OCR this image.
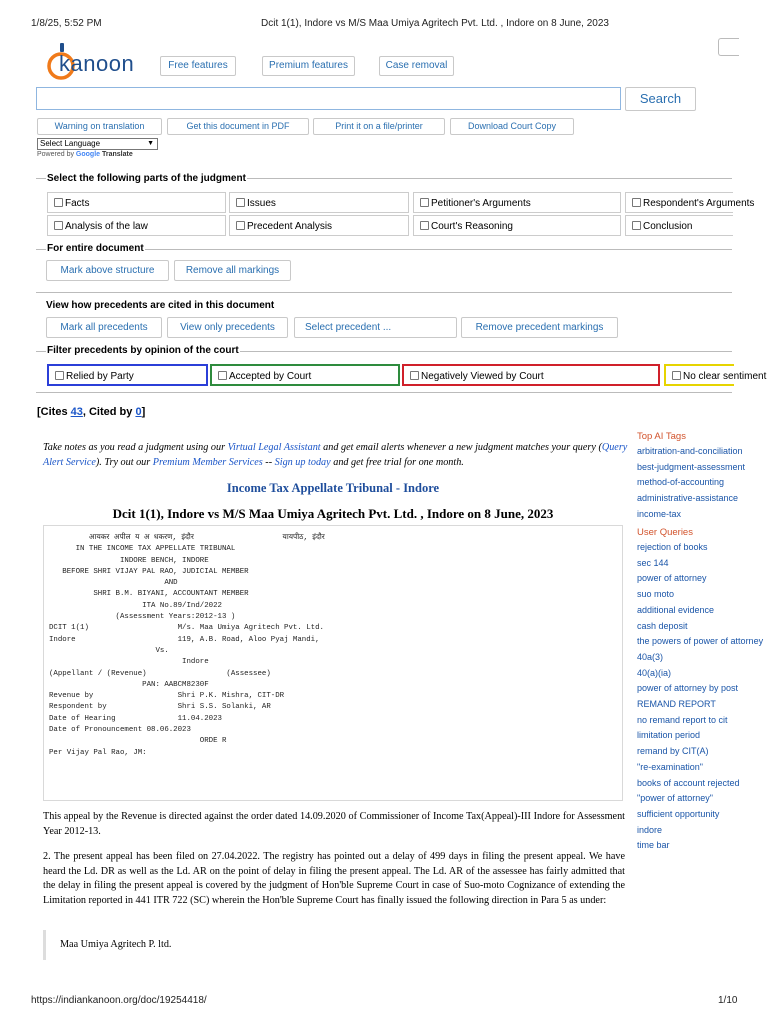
1/8/25, 5:52 PM	Dcit 1(1), Indore vs M/S Maa Umiya Agritech Pvt. Ltd. , Indore on 8 June, 2023
kanoon	Free features	Premium features	Case removal
Search
Warning on translation	Get this document in PDF	Print it on a file/printer	Download Court Copy
Select Language	▼
Powered by Google Translate
Select the following parts of the judgment
Facts	Issues	Petitioner's Arguments	Respondent's Arguments
Analysis of the law	Precedent Analysis	Court's Reasoning	Conclusion
For entire document
Mark above structure	Remove all markings
View how precedents are cited in this document
Mark all precedents	View only precedents	Select precedent ...	Remove precedent markings
Filter precedents by opinion of the court
Relied by Party	Accepted by Court	Negatively Viewed by Court	No clear sentiment
[Cites 43, Cited by 0]
Take notes as you read a judgment using our Virtual Legal Assistant and get email alerts whenever a new judgment matches your query (Query Alert Service). Try out our Premium Member Services -- Sign up today and get free trial for one month.
Income Tax Appellate Tribunal - Indore
Dcit 1(1), Indore vs M/S Maa Umiya Agritech Pvt. Ltd. , Indore on 8 June, 2023
आयकर अपील य अ धकरण, इंदौर                    यायपीठ, इंदौर
IN THE INCOME TAX APPELLATE TRIBUNAL
INDORE BENCH, INDORE
BEFORE SHRI VIJAY PAL RAO, JUDICIAL MEMBER
AND
SHRI B.M. BIYANI, ACCOUNTANT MEMBER
ITA No.89/Ind/2022
(Assessment Years:2012-13 )
DCIT 1(1)                    M/s. Maa Umiya Agritech Pvt. Ltd.
Indore                       119, A.B. Road, Aloo Pyaj Mandi,
Vs.
Indore
(Appellant / (Revenue)                  (Assessee)
PAN: AABCM8230F
Revenue by                   Shri P.K. Mishra, CIT-DR
Respondent by                Shri S.S. Solanki, AR
Date of Hearing              11.04.2023
Date of Pronouncement 08.06.2023
ORDE R
Per Vijay Pal Rao, JM:
This appeal by the Revenue is directed against the order dated 14.09.2020 of Commissioner of Income Tax(Appeal)-III Indore for Assessment Year 2012-13.
2. The present appeal has been filed on 27.04.2022. The registry has pointed out a delay of 499 days in filing the present appeal. We have heard the Ld. DR as well as the Ld. AR on the point of delay in filing the present appeal. The Ld. AR of the assessee has fairly admitted that the delay in filing the present appeal is covered by the judgment of Hon'ble Supreme Court in case of Suo-moto Cognizance of extending the Limitation reported in 441 ITR 722 (SC) wherein the Hon'ble Supreme Court has finally issued the following direction in Para 5 as under:
Maa Umiya Agritech P. ltd.
Top AI Tags
arbitration-and-conciliation
best-judgment-assessment
method-of-accounting
administrative-assistance
income-tax
User Queries
rejection of books
sec 144
power of attorney
suo moto
additional evidence
cash deposit
the powers of power of attorney
40a(3)
40(a)(ia)
power of attorney by post
REMAND REPORT
no remand report to cit
limitation period
remand by CIT(A)
"re-examination"
books of account rejected
"power of attorney"
sufficient opportunity
indore
time bar
https://indiankanoon.org/doc/19254418/	1/10
